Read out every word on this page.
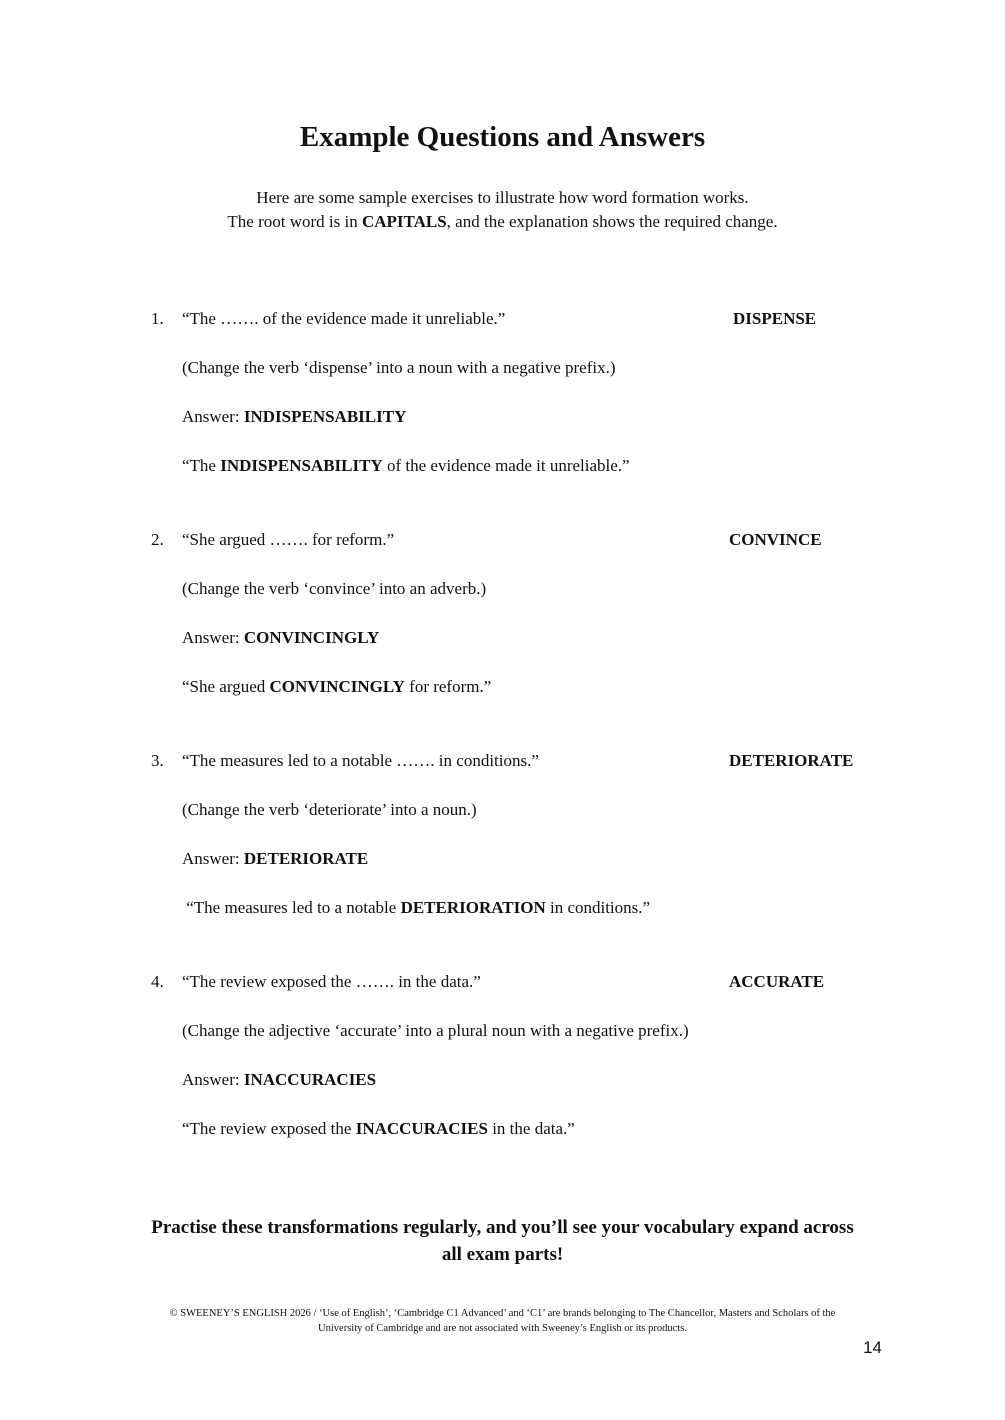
Example Questions and Answers

Here are some sample exercises to illustrate how word formation works.

The root word is in CAPITALS, and the explanation shows the required change.

1. “The ……. of the evidence made it unreliable.”	DISPENSE
(Change the verb ‘dispense’ into a noun with a negative prefix.)
Answer: INDISPENSABILITY
“The INDISPENSABILITY of the evidence made it unreliable.”
2. “She argued ……. for reform.”	CONVINCE
(Change the verb ‘convince’ into an adverb.)
Answer: CONVINCINGLY
“She argued CONVINCINGLY for reform.”
3. “The measures led to a notable ……. in conditions.”	DETERIORATE
(Change the verb ‘deteriorate’ into a noun.)
Answer: DETERIORATE
“The measures led to a notable DETERIORATION in conditions.”
4. “The review exposed the ……. in the data.”	ACCURATE
(Change the adjective ‘accurate’ into a plural noun with a negative prefix.)
Answer: INACCURACIES
“The review exposed the INACCURACIES in the data.”
Practise these transformations regularly, and you’ll see your vocabulary expand across
all exam parts!
© SWEENEY’S ENGLISH 2026 / ‘Use of English’, ‘Cambridge C1 Advanced’ and ‘C1’ are brands belonging to The Chancellor, Masters and Scholars of the
University of Cambridge and are not associated with Sweeney’s English or its products.
14
